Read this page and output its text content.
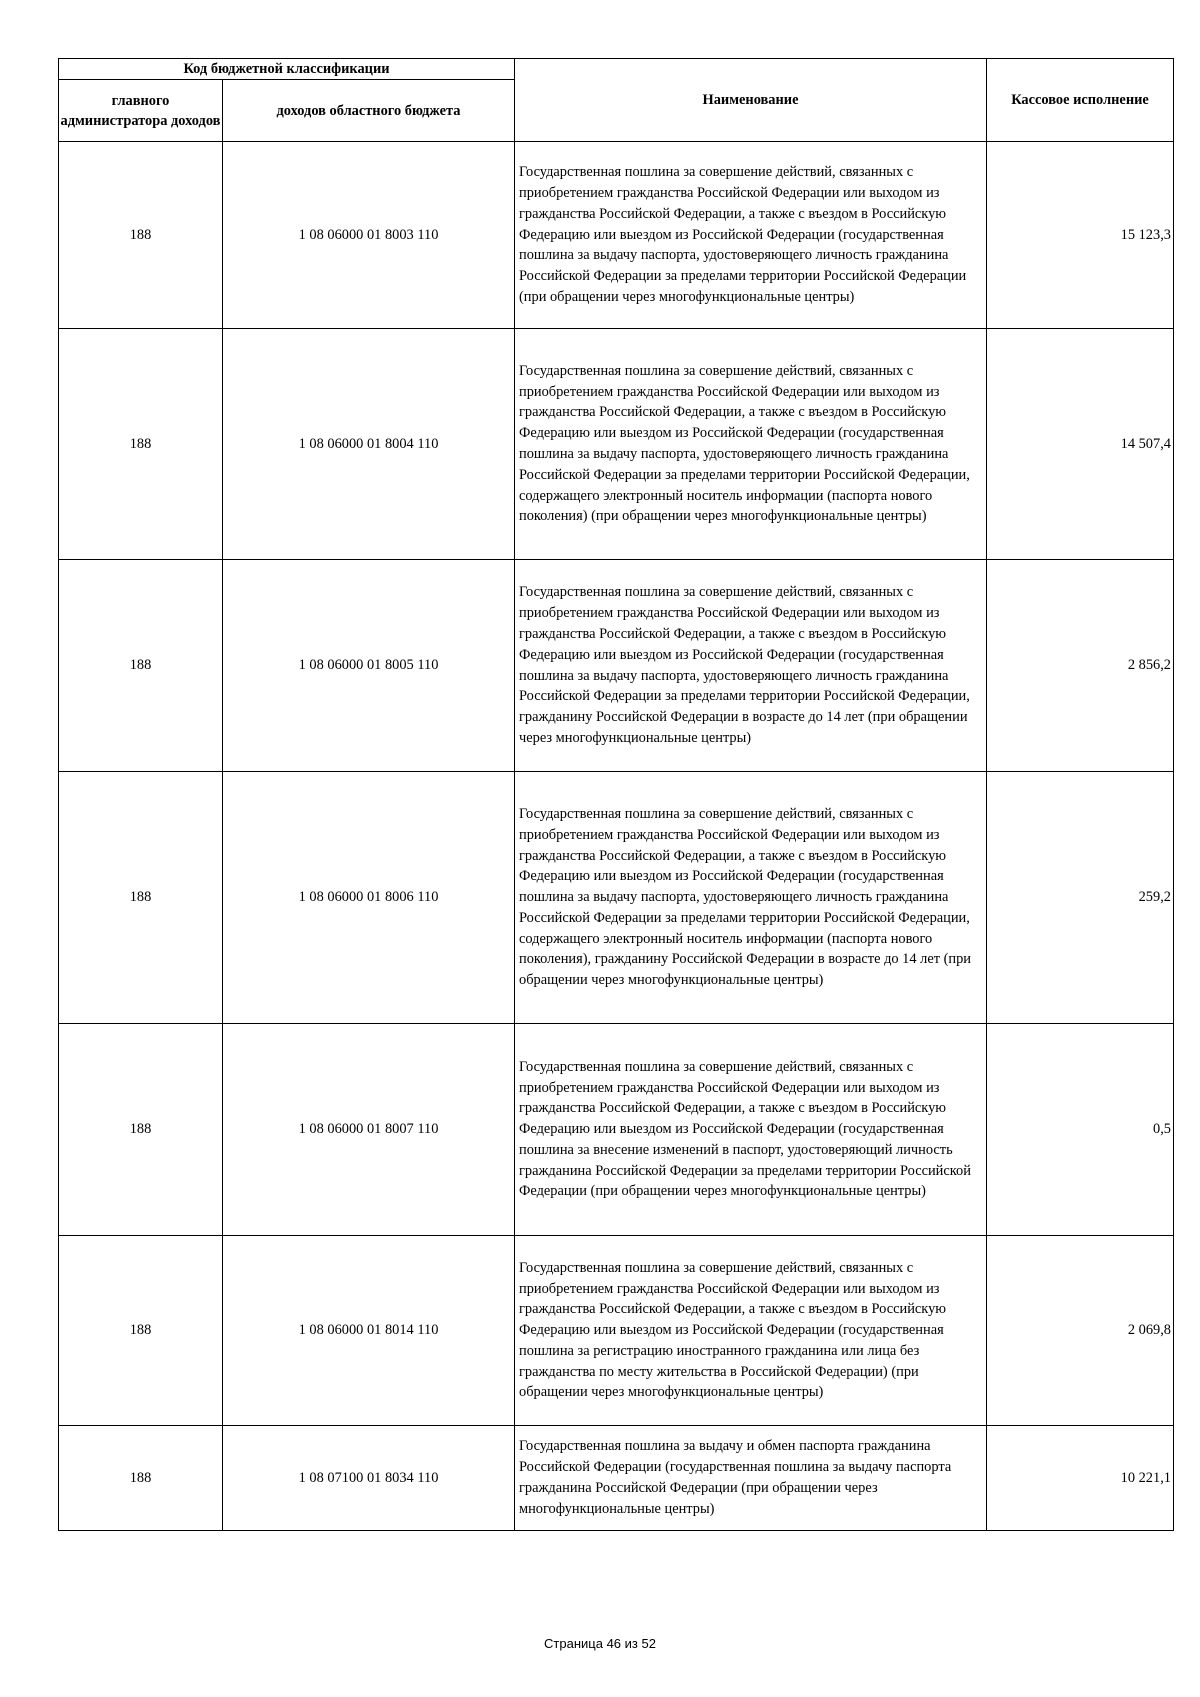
Код бюджетной классификации		Наименование	Кассовое исполнение
главного администратора доходов	доходов областного бюджета		
188	1 08 06000 01 8003 110	Государственная пошлина за совершение действий, связанных с приобретением гражданства Российской Федерации или выходом из гражданства Российской Федерации, а также с въездом в Российскую Федерацию или выездом из Российской Федерации (государственная пошлина за выдачу паспорта, удостоверяющего личность гражданина Российской Федерации за пределами территории Российской Федерации (при обращении через многофункциональные центры)	15 123,3
188	1 08 06000 01 8004 110	Государственная пошлина за совершение действий, связанных с приобретением гражданства Российской Федерации или выходом из гражданства Российской Федерации, а также с въездом в Российскую Федерацию или выездом из Российской Федерации (государственная пошлина за выдачу паспорта, удостоверяющего личность гражданина Российской Федерации за пределами территории Российской Федерации, содержащего электронный носитель информации (паспорта нового поколения) (при обращении через многофункциональные центры)	14 507,4
188	1 08 06000 01 8005 110	Государственная пошлина за совершение действий, связанных с приобретением гражданства Российской Федерации или выходом из гражданства Российской Федерации, а также с въездом в Российскую Федерацию или выездом из Российской Федерации (государственная пошлина за выдачу паспорта, удостоверяющего личность гражданина Российской Федерации за пределами территории Российской Федерации, гражданину Российской Федерации в возрасте до 14 лет (при обращении через многофункциональные центры)	2 856,2
188	1 08 06000 01 8006 110	Государственная пошлина за совершение действий, связанных с приобретением гражданства Российской Федерации или выходом из гражданства Российской Федерации, а также с въездом в Российскую Федерацию или выездом из Российской Федерации (государственная пошлина за выдачу паспорта, удостоверяющего личность гражданина Российской Федерации за пределами территории Российской Федерации, содержащего электронный носитель информации (паспорта нового поколения), гражданину Российской Федерации в возрасте до 14 лет (при обращении через многофункциональные центры)	259,2
188	1 08 06000 01 8007 110	Государственная пошлина за совершение действий, связанных с приобретением гражданства Российской Федерации или выходом из гражданства Российской Федерации, а также с въездом в Российскую Федерацию или выездом из Российской Федерации (государственная пошлина за внесение изменений в паспорт, удостоверяющий личность гражданина Российской Федерации за пределами территории Российской Федерации (при обращении через многофункциональные центры)	0,5
188	1 08 06000 01 8014 110	Государственная пошлина за совершение действий, связанных с приобретением гражданства Российской Федерации или выходом из гражданства Российской Федерации, а также с въездом в Российскую Федерацию или выездом из Российской Федерации (государственная пошлина за регистрацию иностранного гражданина или лица без гражданства по месту жительства в Российской Федерации) (при обращении через многофункциональные центры)	2 069,8
188	1 08 07100 01 8034 110	Государственная пошлина за выдачу и обмен паспорта гражданина Российской Федерации (государственная пошлина за выдачу паспорта гражданина Российской Федерации (при обращении через многофункциональные центры)	10 221,1
Страница 46 из 52
